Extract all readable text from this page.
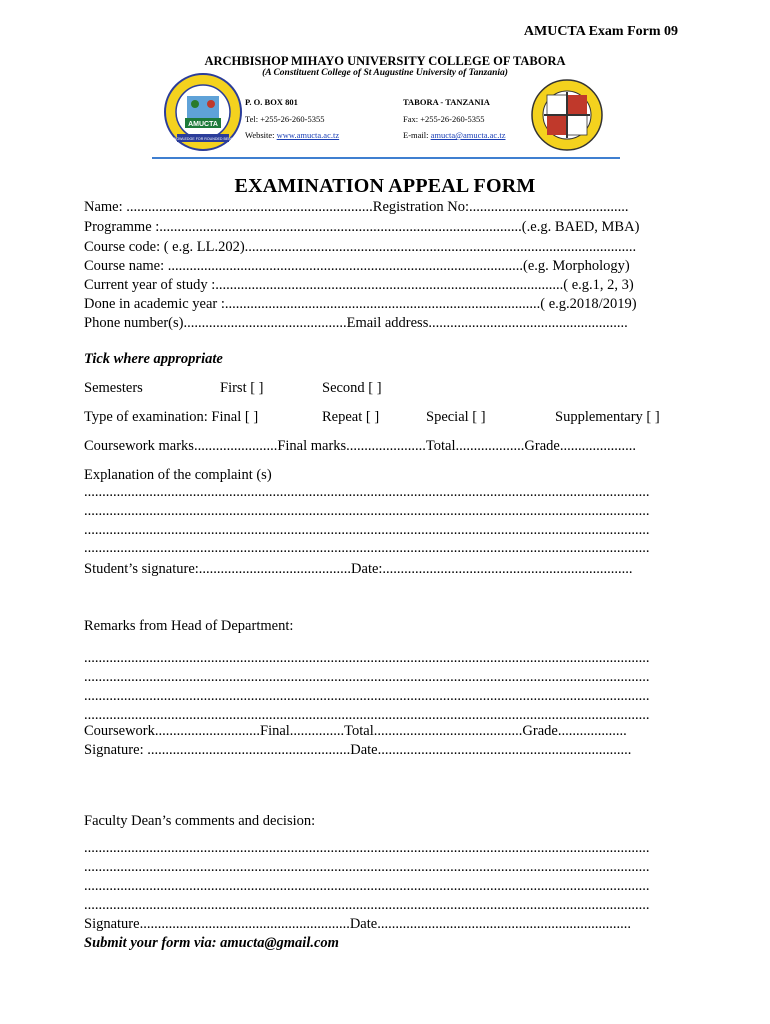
AMUCTA Exam Form 09
ARCHBISHOP MIHAYO UNIVERSITY COLLEGE OF TABORA
(A Constituent College of St Augustine University of Tanzania)
AMUCTA
KNOWLEDGE FOR ROUNDED BEING
P. O. BOX 801	TABORA - TANZANIA
Tel: +255-26-260-5355	Fax: +255-26-260-5355
Website: www.amucta.ac.tz	E-mail: amucta@amucta.ac.tz
EXAMINATION APPEAL FORM
Name: ....................................................................Registration No:............................................
Programme :....................................................................................................(.e.g. BAED, MBA)
Course code: ( e.g. LL.202)............................................................................................................
Course name: ..................................................................................................(e.g. Morphology)
Current year of study :................................................................................................( e.g.1, 2, 3)
Done in academic year :.......................................................................................( e.g.2018/2019)
Phone number(s).............................................Email address.......................................................
Tick where appropriate
Semesters	First [ ]	Second [ ]
Type of examination: Final [ ]	Repeat [ ]	Special [ ]	Supplementary [ ]
Coursework marks.......................Final marks......................Total...................Grade.....................
Explanation of the complaint (s)
............................................................................................................................................................
............................................................................................................................................................
............................................................................................................................................................
............................................................................................................................................................
Student’s signature:..........................................Date:.....................................................................
Remarks from Head of Department:
............................................................................................................................................................
............................................................................................................................................................
............................................................................................................................................................
............................................................................................................................................................
Coursework.............................Final...............Total.........................................Grade...................
Signature: ........................................................Date......................................................................
Faculty Dean’s comments and decision:
............................................................................................................................................................
............................................................................................................................................................
............................................................................................................................................................
............................................................................................................................................................
Signature..........................................................Date......................................................................
Submit your form via: amucta@gmail.com
